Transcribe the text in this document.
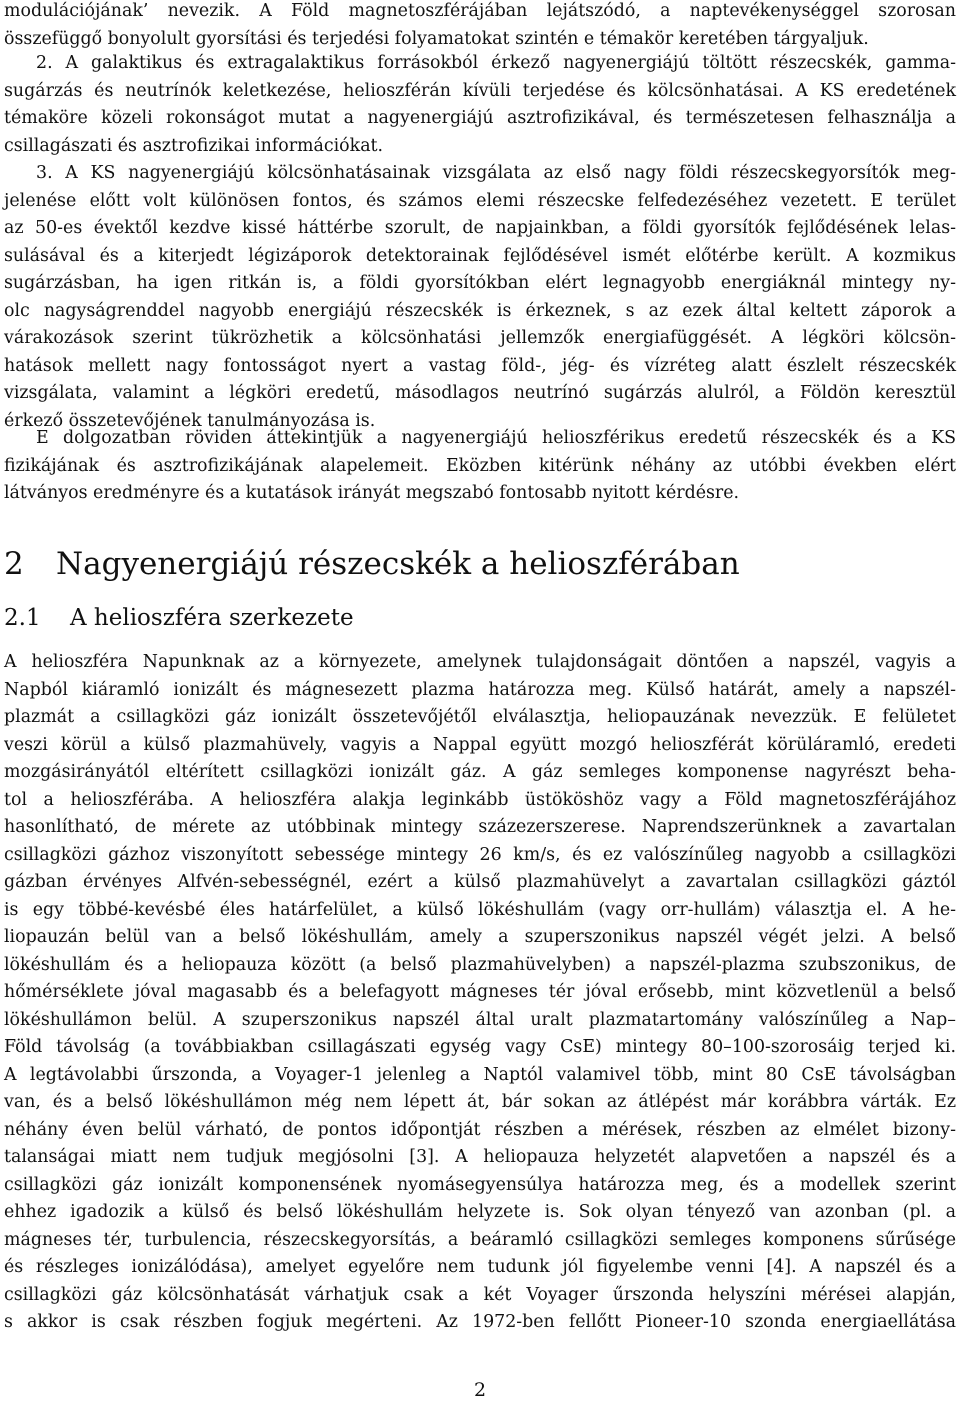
modulációjának’ nevezik. A Föld magnetoszférájában lejátszódó, a naptevékenységgel szorosan
összefüggő bonyolult gyorsítási és terjedési folyamatokat szintén e témakör keretében tárgyaljuk.
2. A galaktikus és extragalaktikus forrásokból érkező nagyenergiájú töltött részecskék, gamma-
sugárzás és neutrínók keletkezése, helioszférán kívüli terjedése és kölcsönhatásai. A KS eredetének
témaköre közeli rokonságot mutat a nagyenergiájú asztrofizikával, és természetesen felhasználja a
csillagászati és asztrofizikai információkat.
3. A KS nagyenergiájú kölcsönhatásainak vizsgálata az első nagy földi részecskegyorsítók meg-
jelenése előtt volt különösen fontos, és számos elemi részecske felfedezéséhez vezetett. E terület
az 50-es évektől kezdve kissé háttérbe szorult, de napjainkban, a földi gyorsítók fejlődésének lelas-
sulásával és a kiterjedt légizáporok detektorainak fejlődésével ismét előtérbe került. A kozmikus
sugárzásban, ha igen ritkán is, a földi gyorsítókban elért legnagyobb energiáknál mintegy ny-
olc nagyságrenddel nagyobb energiájú részecskék is érkeznek, s az ezek által keltett záporok a
várakozások szerint tükrözhetik a kölcsönhatási jellemzők energiafüggését. A légköri kölcsön-
hatások mellett nagy fontosságot nyert a vastag föld-, jég- és vízréteg alatt észlelt részecskék
vizsgálata, valamint a légköri eredetű, másodlagos neutrínó sugárzás alulról, a Földön keresztül
érkező összetevőjének tanulmányozása is.
E dolgozatban röviden áttekintjük a nagyenergiájú helioszférikus eredetű részecskék és a KS
fizikájának és asztrofizikájának alapelemeit. Eközben kitérünk néhány az utóbbi években elért
látványos eredményre és a kutatások irányát megszabó fontosabb nyitott kérdésre.
2 Nagyenergiájú részecskék a helioszférában
2.1 A helioszféra szerkezete
A helioszféra Napunknak az a környezete, amelynek tulajdonságait döntően a napszél, vagyis a
Napból kiáramló ionizált és mágnesezett plazma határozza meg. Külső határát, amely a napszél-
plazmát a csillagközi gáz ionizált összetevőjétől elválasztja, heliopauzának nevezzük. E felületet
veszi körül a külső plazmahüvely, vagyis a Nappal együtt mozgó helioszférát körüláramló, eredeti
mozgásirányától eltérített csillagközi ionizált gáz. A gáz semleges komponense nagyrészt beha-
tol a helioszférába. A helioszféra alakja leginkább üstököshöz vagy a Föld magnetoszférájához
hasonlítható, de mérete az utóbbinak mintegy százezerszerese. Naprendszerünknek a zavartalan
csillagközi gázhoz viszonyított sebessége mintegy 26 km/s, és ez valószínűleg nagyobb a csillagközi
gázban érvényes Alfvén-sebességnél, ezért a külső plazmahüvelyt a zavartalan csillagközi gáztól
is egy többé-kevésbé éles határfelület, a külső lökéshullám (vagy orr-hullám) választja el. A he-
liopauzán belül van a belső lökéshullám, amely a szuperszonikus napszél végét jelzi. A belső
lökéshullám és a heliopauza között (a belső plazmahüvelyben) a napszél-plazma szubszonikus, de
hőmérséklete jóval magasabb és a belefagyott mágneses tér jóval erősebb, mint közvetlenül a belső
lökéshullámon belül. A szuperszonikus napszél által uralt plazmatartomány valószínűleg a Nap–
Föld távolság (a továbbiakban csillagászati egység vagy CsE) mintegy 80–100-szorosáig terjed ki.
A legtávolabbi űrszonda, a Voyager-1 jelenleg a Naptól valamivel több, mint 80 CsE távolságban
van, és a belső lökéshullámon még nem lépett át, bár sokan az átlépést már korábbra várták. Ez
néhány éven belül várható, de pontos időpontját részben a mérések, részben az elmélet bizony-
talanságai miatt nem tudjuk megjósolni [3]. A heliopauza helyzetét alapvetően a napszél és a
csillagközi gáz ionizált komponensének nyomásegyensúlya határozza meg, és a modellek szerint
ehhez igadozik a külső és belső lökéshullám helyzete is. Sok olyan tényező van azonban (pl. a
mágneses tér, turbulencia, részecskegyorsítás, a beáramló csillagközi semleges komponens sűrűsége
és részleges ionizálódása), amelyet egyelőre nem tudunk jól figyelembe venni [4]. A napszél és a
csillagközi gáz kölcsönhatását várhatjuk csak a két Voyager űrszonda helyszíni mérései alapján,
s akkor is csak részben fogjuk megérteni. Az 1972-ben fellőtt Pioneer-10 szonda energiaellátása
2
